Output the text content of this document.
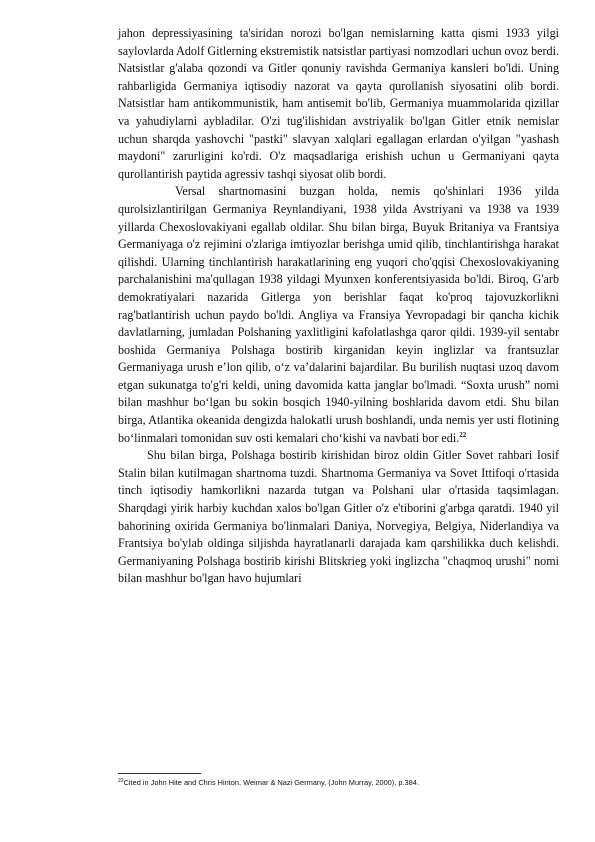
jahon depressiyasining ta'siridan norozi bo'lgan nemislarning katta qismi 1933 yilgi saylovlarda Adolf Gitlerning ekstremistik natsistlar partiyasi nomzodlari uchun ovoz berdi. Natsistlar g'alaba qozondi va Gitler qonuniy ravishda Germaniya kansleri bo'ldi. Uning rahbarligida Germaniya iqtisodiy nazorat va qayta qurollanish siyosatini olib bordi. Natsistlar ham antikommunistik, ham antisemit bo'lib, Germaniya muammolarida qizillar va yahudiylarni aybladilar. O'zi tug'ilishidan avstriyalik bo'lgan Gitler etnik nemislar uchun sharqda yashovchi "pastki" slavyan xalqlari egallagan erlardan o'yilgan "yashash maydoni" zarurligini ko'rdi. O'z maqsadlariga erishish uchun u Germaniyani qayta qurollantirish paytida agressiv tashqi siyosat olib bordi.

Versal shartnomasini buzgan holda, nemis qo'shinlari 1936 yilda qurolsizlantirilgan Germaniya Reynlandiyani, 1938 yilda Avstriyani va 1938 va 1939 yillarda Chexoslovakiyani egallab oldilar. Shu bilan birga, Buyuk Britaniya va Frantsiya Germaniyaga o'z rejimini o'zlariga imtiyozlar berishga umid qilib, tinchlantirishga harakat qilishdi. Ularning tinchlantirish harakatlarining eng yuqori cho'qqisi Chexoslovakiyaning parchalanishini ma'qullagan 1938 yildagi Myunxen konferentsiyasida bo'ldi. Biroq, G'arb demokratiyalari nazarida Gitlerga yon berishlar faqat ko'proq tajovuzkorlikni rag'batlantirish uchun paydo bo'ldi. Angliya va Fransiya Yevropadagi bir qancha kichik davlatlarning, jumladan Polshaning yaxlitligini kafolatlashga qaror qildi. 1939-yil sentabr boshida Germaniya Polshaga bostirib kirganidan keyin inglizlar va frantsuzlar Germaniyaga urush e’lon qilib, o‘z va’dalarini bajardilar. Bu burilish nuqtasi uzoq davom etgan sukunatga to'g'ri keldi, uning davomida katta janglar bo'lmadi. “Soxta urush” nomi bilan mashhur bo‘lgan bu sokin bosqich 1940-yilning boshlarida davom etdi. Shu bilan birga, Atlantika okeanida dengizda halokatli urush boshlandi, unda nemis yer usti flotining bo‘linmalari tomonidan suv osti kemalari cho‘kishi va navbati bor edi.$^{22}$

Shu bilan birga, Polshaga bostirib kirishidan biroz oldin Gitler Sovet rahbari Iosif Stalin bilan kutilmagan shartnoma tuzdi. Shartnoma Germaniya va Sovet Ittifoqi o'rtasida tinch iqtisodiy hamkorlikni nazarda tutgan va Polshani ular o'rtasida taqsimlagan. Sharqdagi yirik harbiy kuchdan xalos bo'lgan Gitler o'z e'tiborini g'arbga qaratdi. 1940 yil bahorining oxirida Germaniya bo'linmalari Daniya, Norvegiya, Belgiya, Niderlandiya va Frantsiya bo'ylab oldinga siljishda hayratlanarli darajada kam qarshilikka duch kelishdi. Germaniyaning Polshaga bostirib kirishi Blitskrieg yoki inglizcha "chaqmoq urushi" nomi bilan mashhur bo'lgan havo hujumlari

$^{22}$Cited in John Hite and Chris Hinton, Weimar & Nazi Germany, (John Murray, 2000), p.384.
